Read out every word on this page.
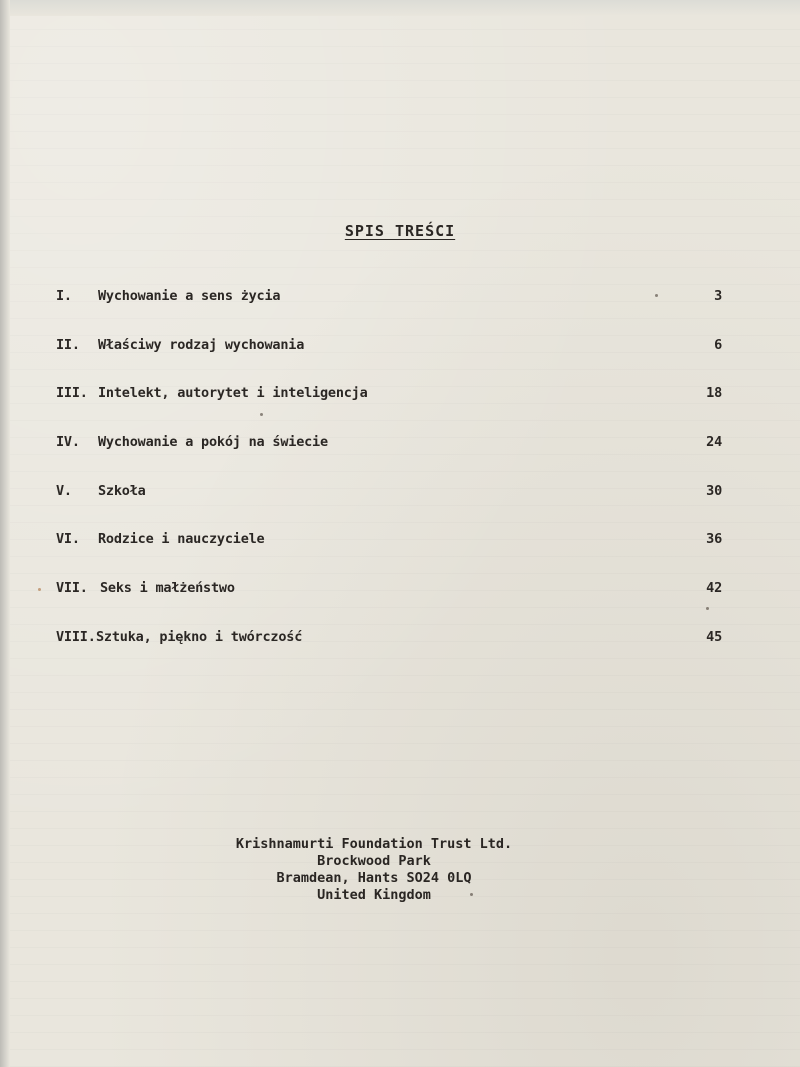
SPIS TREŚCI
I. Wychowanie a sens życia	3
II. Właściwy rodzaj wychowania	6
III. Intelekt, autorytet i inteligencja	18
IV. Wychowanie a pokój na świecie	24
V. Szkoła	30
VI. Rodzice i nauczyciele	36
VII. Seks i małżeństwo	42
VIII. Sztuka, piękno i twórczość	45
Krishnamurti Foundation Trust Ltd.
Brockwood Park
Bramdean, Hants SO24 0LQ
United Kingdom
